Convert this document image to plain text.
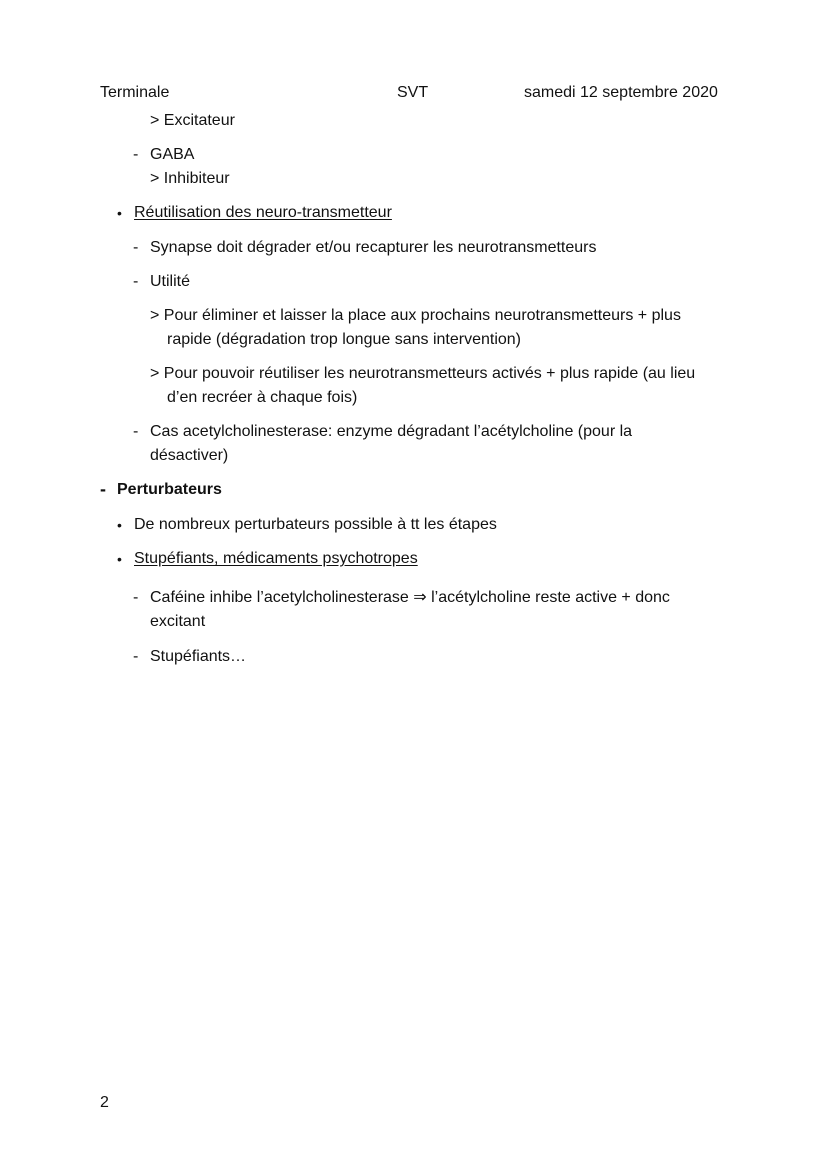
Terminale	SVT	samedi 12 septembre 2020
> Excitateur
- GABA
> Inhibiteur
• Réutilisation des neuro-transmetteur
- Synapse doit dégrader et/ou recapturer les neurotransmetteurs
- Utilité
> Pour éliminer et laisser la place aux prochains neurotransmetteurs + plus
rapide (dégradation trop longue sans intervention)
> Pour pouvoir réutiliser les neurotransmetteurs activés + plus rapide (au lieu
d’en recréer à chaque fois)
- Cas acetylcholinesterase: enzyme dégradant l’acétylcholine (pour la
désactiver)
- Perturbateurs
• De nombreux perturbateurs possible à tt les étapes
• Stupéfiants, médicaments psychotropes
- Caféine inhibe l’acetylcholinesterase ⇒ l’acétylcholine reste active + donc
excitant
- Stupéfiants…
2
